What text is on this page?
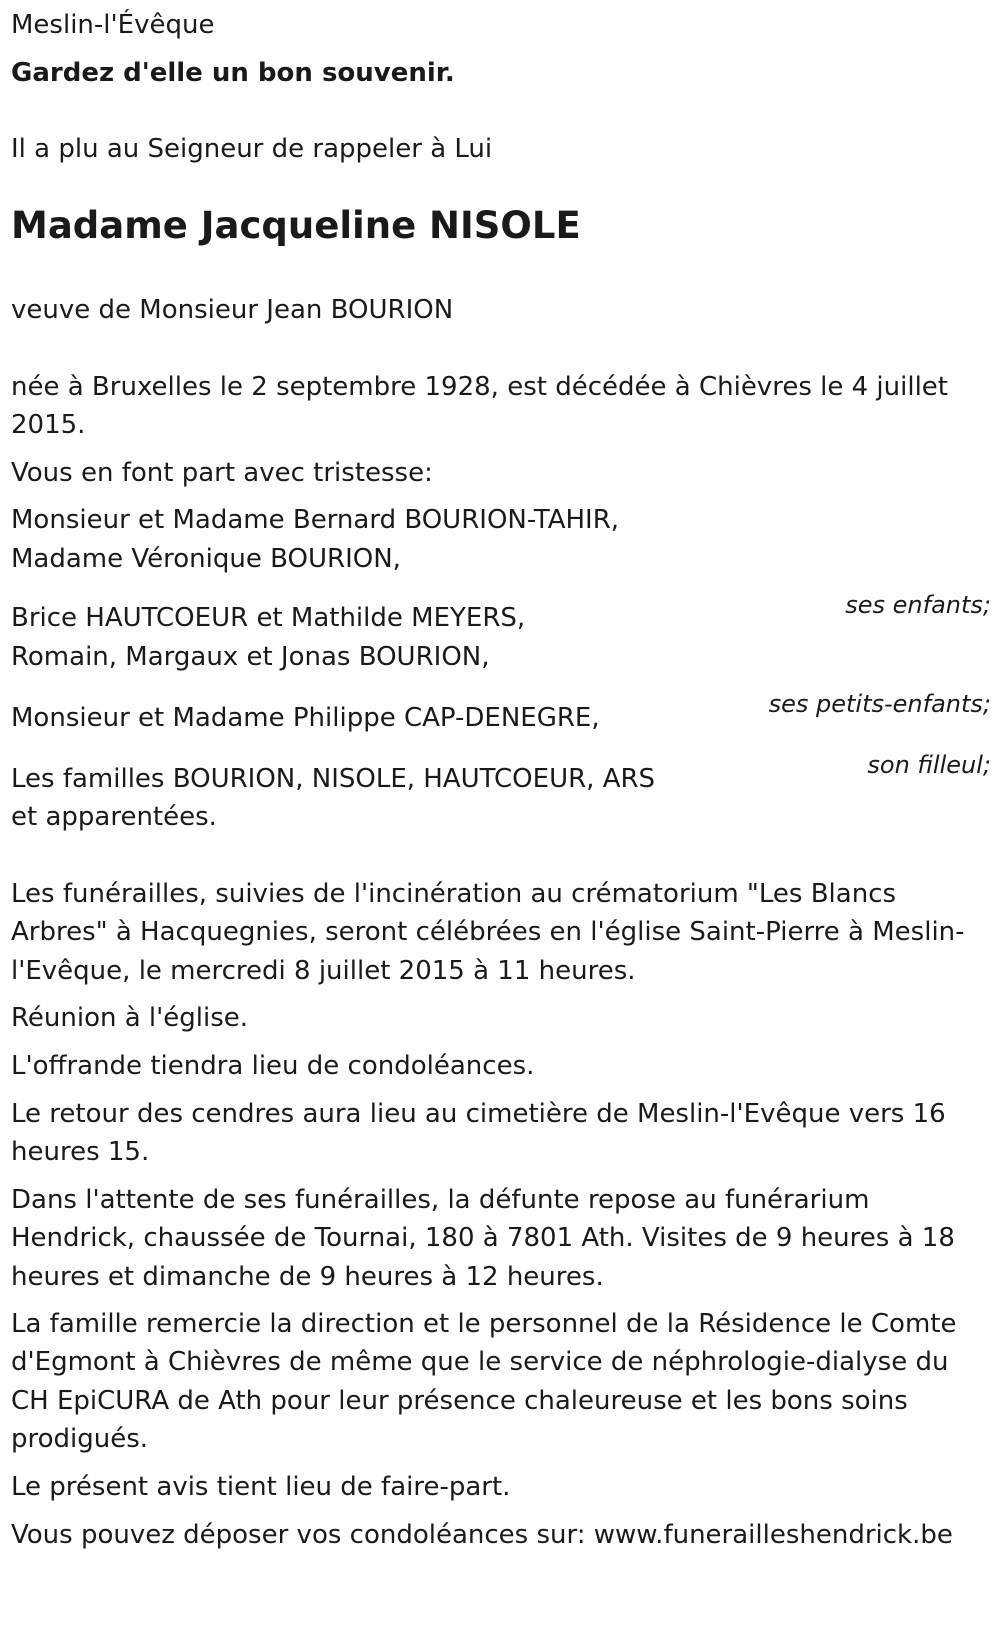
Meslin-l'Évêque

Gardez d'elle un bon souvenir.

Il a plu au Seigneur de rappeler à Lui

Madame Jacqueline NISOLE

veuve de Monsieur Jean BOURION

née à Bruxelles le 2 septembre 1928, est décédée à Chièvres le 4 juillet

2015.

Vous en font part avec tristesse:

Monsieur et Madame Bernard BOURION-TAHIR,

Madame Véronique BOURION,

ses enfants;

Brice HAUTCOEUR et Mathilde MEYERS,

Romain, Margaux et Jonas BOURION,

ses petits-enfants;

Monsieur et Madame Philippe CAP-DENEGRE,

son filleul;

Les familles BOURION, NISOLE, HAUTCOEUR, ARS

et apparentées.

Les funérailles, suivies de l'incinération au crématorium "Les Blancs

Arbres" à Hacquegnies, seront célébrées en l'église Saint-Pierre à Meslin-

l'Evêque, le mercredi 8 juillet 2015 à 11 heures.

Réunion à l'église.

L'offrande tiendra lieu de condoléances.

Le retour des cendres aura lieu au cimetière de Meslin-l'Evêque vers 16

heures 15.

Dans l'attente de ses funérailles, la défunte repose au funérarium

Hendrick, chaussée de Tournai, 180 à 7801 Ath. Visites de 9 heures à 18

heures et dimanche de 9 heures à 12 heures.

La famille remercie la direction et le personnel de la Résidence le Comte

d'Egmont à Chièvres de même que le service de néphrologie-dialyse du

CH EpiCURA de Ath pour leur présence chaleureuse et les bons soins

prodigués.

Le présent avis tient lieu de faire-part.

Vous pouvez déposer vos condoléances sur: www.funerailleshendrick.be
